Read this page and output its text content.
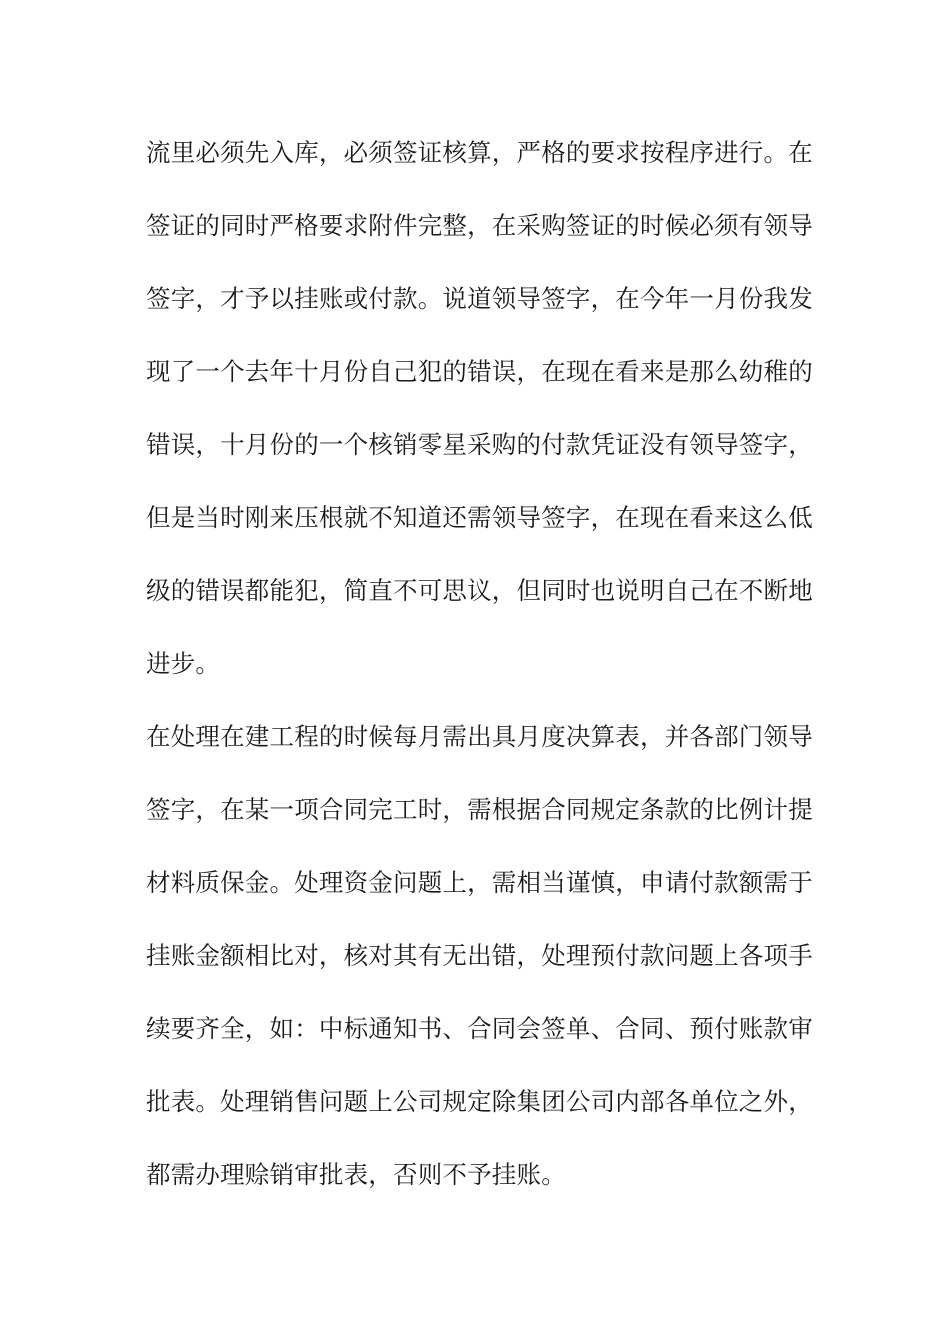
流里必须先入库，必须签证核算，严格的要求按程序进行。在
签证的同时严格要求附件完整，在采购签证的时候必须有领导
签字，才予以挂账或付款。说道领导签字，在今年一月份我发
现了一个去年十月份自己犯的错误，在现在看来是那么幼稚的
错误，十月份的一个核销零星采购的付款凭证没有领导签字，
但是当时刚来压根就不知道还需领导签字，在现在看来这么低
级的错误都能犯，简直不可思议，但同时也说明自己在不断地
进步。
在处理在建工程的时候每月需出具月度决算表，并各部门领导
签字，在某一项合同完工时，需根据合同规定条款的比例计提
材料质保金。处理资金问题上，需相当谨慎，申请付款额需于
挂账金额相比对，核对其有无出错，处理预付款问题上各项手
续要齐全，如：中标通知书、合同会签单、合同、预付账款审
批表。处理销售问题上公司规定除集团公司内部各单位之外，
都需办理赊销审批表，否则不予挂账。
